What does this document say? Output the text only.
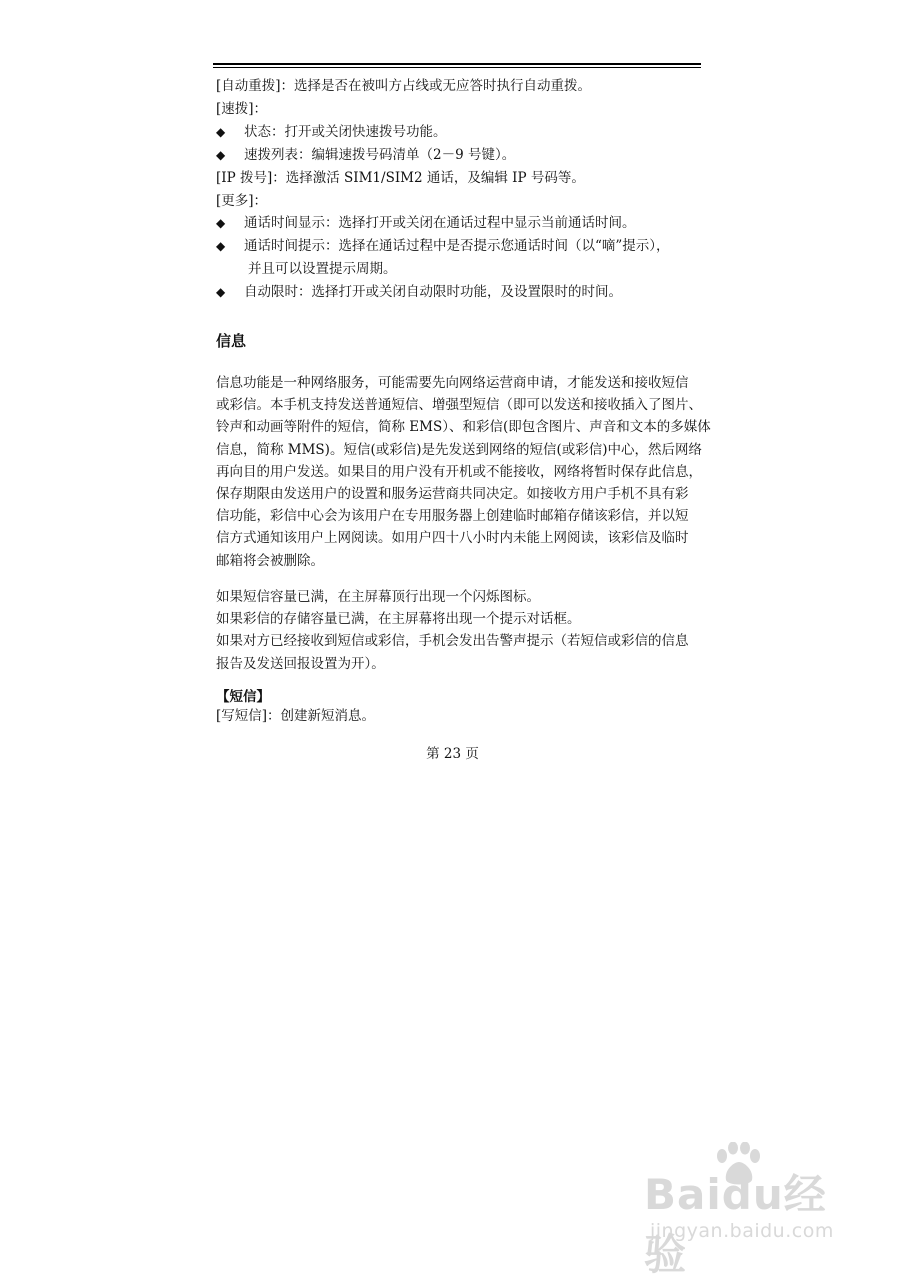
[自动重拨]：选择是否在被叫方占线或无应答时执行自动重拨。
[速拨]：
◆ 状态：打开或关闭快速拨号功能。
◆ 速拨列表：编辑速拨号码清单（2－9 号键）。
[IP 拨号]：选择激活 SIM1/SIM2 通话，及编辑 IP 号码等。
[更多]：
◆ 通话时间显示：选择打开或关闭在通话过程中显示当前通话时间。
◆ 通话时间提示：选择在通话过程中是否提示您通话时间（以“嘀”提示），
并且可以设置提示周期。
◆ 自动限时：选择打开或关闭自动限时功能，及设置限时的时间。
信息
信息功能是一种网络服务，可能需要先向网络运营商申请，才能发送和接收短信
或彩信。本手机支持发送普通短信、增强型短信（即可以发送和接收插入了图片、
铃声和动画等附件的短信，简称 EMS）、和彩信(即包含图片、声音和文本的多媒体
信息，简称 MMS)。短信(或彩信)是先发送到网络的短信(或彩信)中心，然后网络
再向目的用户发送。如果目的用户没有开机或不能接收，网络将暂时保存此信息，
保存期限由发送用户的设置和服务运营商共同决定。如接收方用户手机不具有彩
信功能，彩信中心会为该用户在专用服务器上创建临时邮箱存储该彩信，并以短
信方式通知该用户上网阅读。如用户四十八小时内未能上网阅读，该彩信及临时
邮箱将会被删除。
如果短信容量已满，在主屏幕顶行出现一个闪烁图标。
如果彩信的存储容量已满，在主屏幕将出现一个提示对话框。
如果对方已经接收到短信或彩信，手机会发出告警声提示（若短信或彩信的信息
报告及发送回报设置为开）。
【短信】
[写短信]：创建新短消息。
第 23 页
Baidu经验
jingyan.baidu.com
